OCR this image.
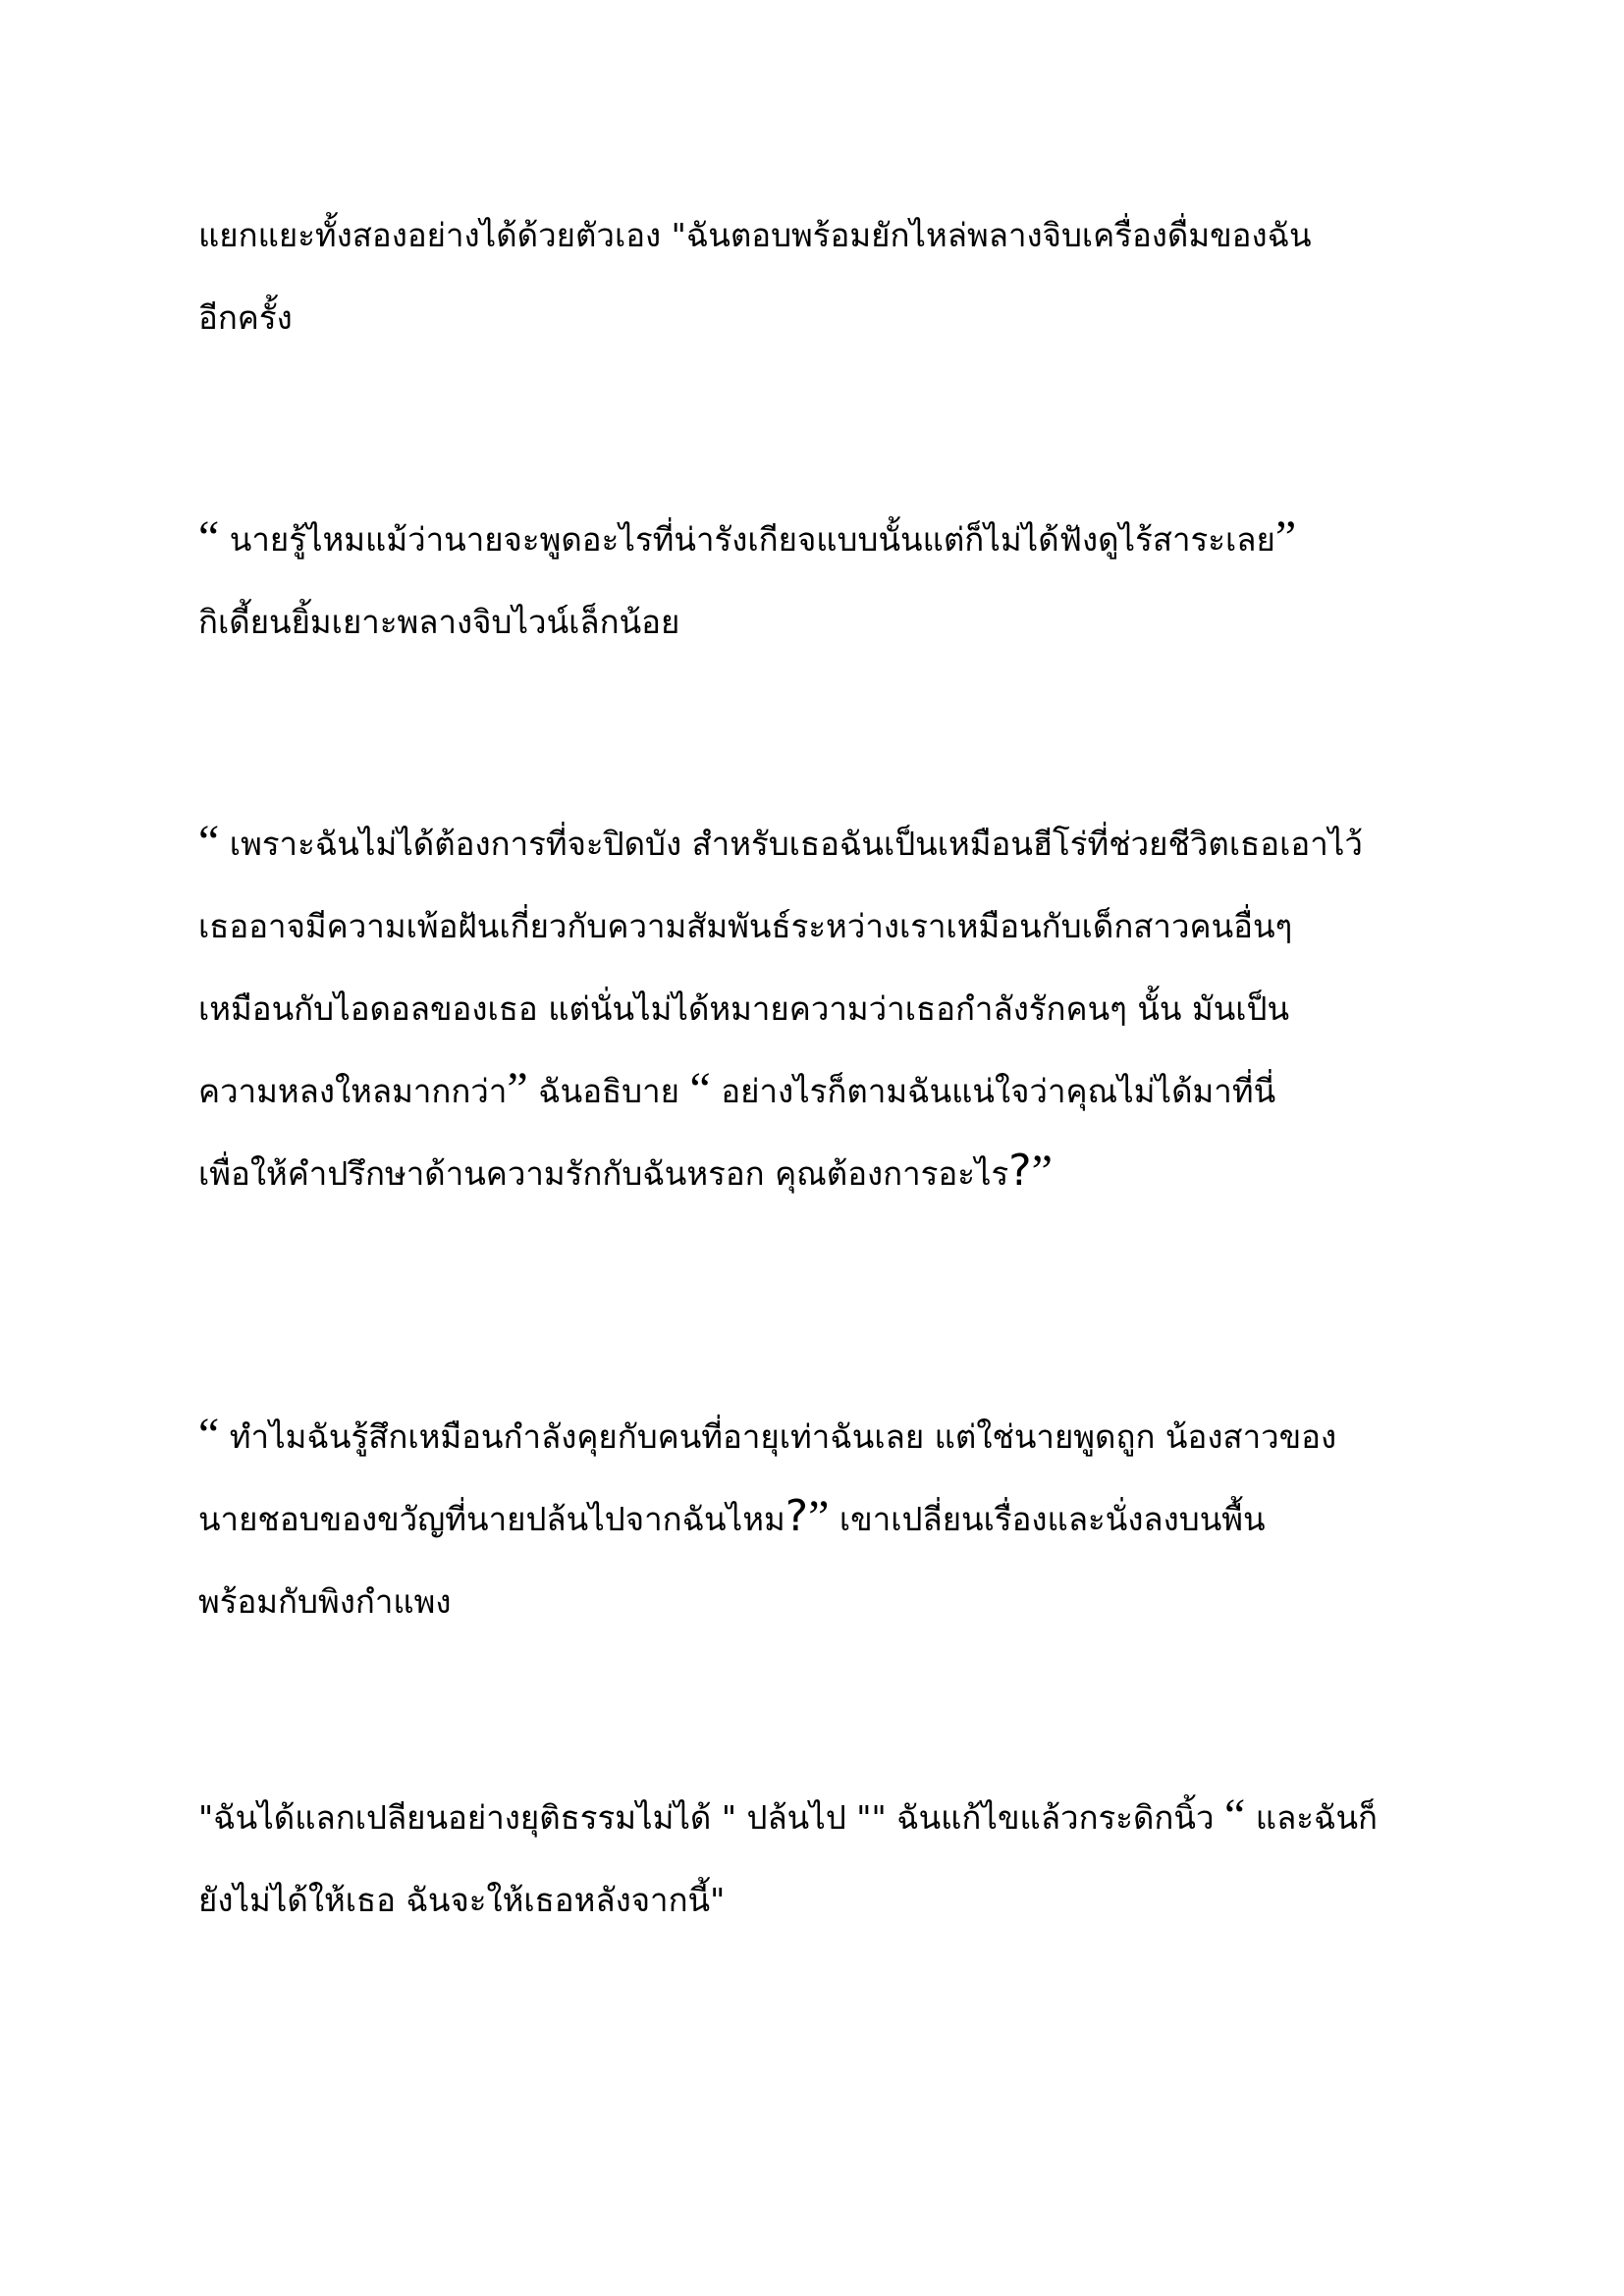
แยกแยะทั้งสองอย่างได้ด้วยตัวเอง "ฉันตอบพร้อมยักไหล่พลางจิบเครื่องดื่มของฉัน
อีกครั้ง
“ นายรู้ไหมแม้ว่านายจะพูดอะไรที่น่ารังเกียจแบบนั้นแต่ก็ไม่ได้ฟังดูไร้สาระเลย”
กิเดี้ยนยิ้มเยาะพลางจิบไวน์เล็กน้อย
“ เพราะฉันไม่ได้ต้องการที่จะปิดบัง สำหรับเธอฉันเป็นเหมือนฮีโร่ที่ช่วยชีวิตเธอเอาไว้
เธออาจมีความเพ้อฝันเกี่ยวกับความสัมพันธ์ระหว่างเราเหมือนกับเด็กสาวคนอื่นๆ
เหมือนกับไอดอลของเธอ แต่นั่นไม่ได้หมายความว่าเธอกำลังรักคนๆ นั้น มันเป็น
ความหลงใหลมากกว่า” ฉันอธิบาย “ อย่างไรก็ตามฉันแน่ใจว่าคุณไม่ได้มาที่นี่
เพื่อให้คำปรึกษาด้านความรักกับฉันหรอก คุณต้องการอะไร?”
“ ทำไมฉันรู้สึกเหมือนกำลังคุยกับคนที่อายุเท่าฉันเลย แต่ใช่นายพูดถูก น้องสาวของ
นายชอบของขวัญที่นายปล้นไปจากฉันไหม?” เขาเปลี่ยนเรื่องและนั่งลงบนพื้น
พร้อมกับพิงกำแพง
"ฉันได้แลกเปลียนอย่างยุติธรรมไม่ได้ " ปล้นไป "" ฉันแก้ไขแล้วกระดิกนิ้ว “ และฉันก็
ยังไม่ได้ให้เธอ ฉันจะให้เธอหลังจากนี้"
